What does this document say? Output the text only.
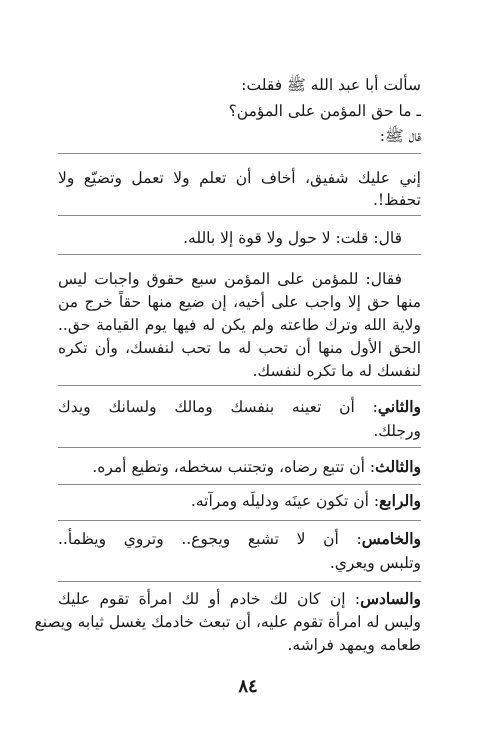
سألت أبا عبد الله ﷺ فقلت:
ـ ما حق المؤمن على المؤمن؟
قال ﷺ:
إني عليك شفيق، أخاف أن تعلم ولا تعمل وتضيّع ولا
تحفظ!.
قال: قلت: لا حول ولا قوة إلا بالله.
فقال: للمؤمن على المؤمن سبع حقوق واجبات ليس
منها حق إلا واجب على أخيه، إن ضيع منها حقاً خرج من
ولاية الله وترك طاعته ولم يكن له فيها يوم القيامة حق..
الحق الأول منها أن تحب له ما تحب لنفسك، وأن تكره
لنفسك له ما تكره لنفسك.
والثاني: أن تعينه بنفسك ومالك ولسانك ويدك
ورجلك.
والثالث: أن تتبع رضاه، وتجتنب سخطه، وتطيع أمره.
والرابع: أن تكون عينَه ودليلَه ومرآته.
والخامس: أن لا تشبع ويجوع.. وتروي ويظمأ..
وتلبس ويعري.
والسادس: إن كان لك خادم أو لك امرأة تقوم عليك
وليس له امرأة تقوم عليه، أن تبعث خادمك يغسل ثيابه ويصنع
طعامه ويمهد فراشه.
٨٤
